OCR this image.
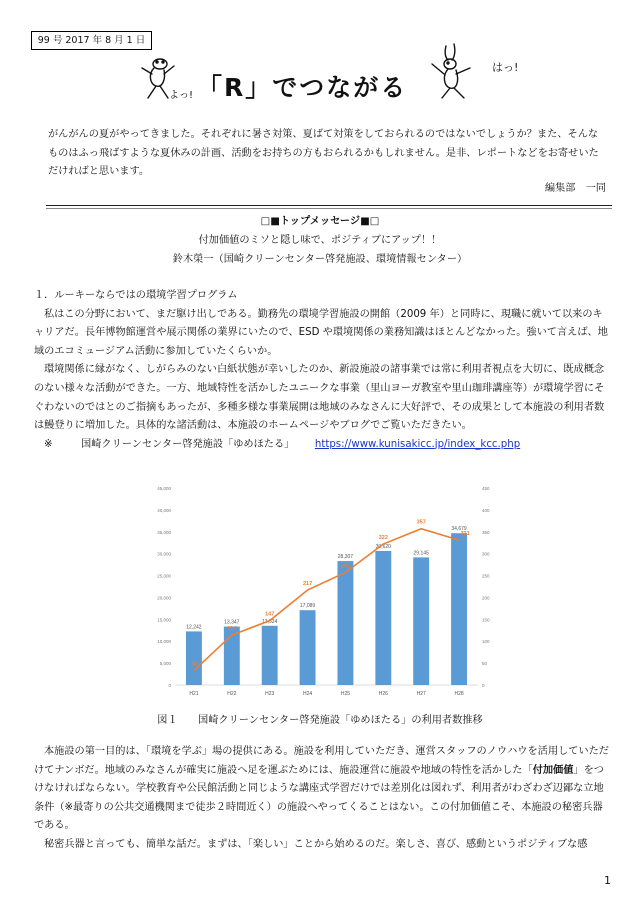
99 号 2017 年 8 月 1 日
よっ! 「R」でつながる
はっ!
がんがんの夏がやってきました。それぞれに暑さ対策、夏ばて対策をしておられるのではないでしょうか？また、そんなものはふっ飛ばすような夏休みの計画、活動をお持ちの方もおられるかもしれません。是非、レポートなどをお寄せいただければと思います。
編集部　一同
□■トップメッセージ■□
付加価値のミソと隠し味で、ポジティブにアップ！！
鈴木榮一（国崎クリーンセンター啓発施設、環境情報センター）

１．ルーキーならではの環境学習プログラム

私はこの分野において、まだ駆け出しである。勤務先の環境学習施設の開館（2009 年）と同時に、現職に就いて以来のキャリアだ。長年博物館運営や展示関係の業界にいたので、ESD や環境関係の業務知識はほとんどなかった。強いて言えば、地域のエコミュージアム活動に参加していたくらいか。

環境関係に縁がなく、しがらみのない白紙状態が幸いしたのか、新設施設の諸事業では常に利用者視点を大切に、既成概念のない様々な活動ができた。一方、地域特性を活かしたユニークな事業（里山ヨーガ教室や里山珈琲講座等）が環境学習にそぐわないのではとのご指摘もあったが、多種多様な事業展開は地域のみなさんに大好評で、その成果として本施設の利用者数は鰻登りに増加した。具体的な諸活動は、本施設のホームページやブログでご覧いただきたい。

※	国崎クリーンセンター啓発施設「ゆめほたる」 https://www.kunisakicc.jp/index_kcc.php

0
5,000
10,000
15,000
20,000
25,000
30,000
35,000
40,000
45,000
0
50
100
150
200
250
300
350
400
450
12,242
H21
13,347
H22
13,524
H23
17,089
H24
28,307
H25
30,620
H26
29,145
H27
34,679
H28
33
114
147
217
257
322
357
331
図１　　国崎クリーンセンター啓発施設「ゆめほたる」の利用者数推移

本施設の第一目的は、「環境を学ぶ」場の提供にある。施設を利用していただき、運営スタッフのノウハウを活用していただけてナンボだ。地域のみなさんが確実に施設へ足を運ぶためには、施設運営に施設や地域の特性を活かした「付加価値」をつけなければならない。学校教育や公民館活動と同じような講座式学習だけでは差別化は図れず、利用者がわざわざ辺鄙な立地条件（※最寄りの公共交通機関まで徒歩２時間近く）の施設へやってくることはない。この付加価値こそ、本施設の秘密兵器である。

秘密兵器と言っても、簡単な話だ。まずは、「楽しい」ことから始めるのだ。楽しさ、喜び、感動というポジティブな感

1
